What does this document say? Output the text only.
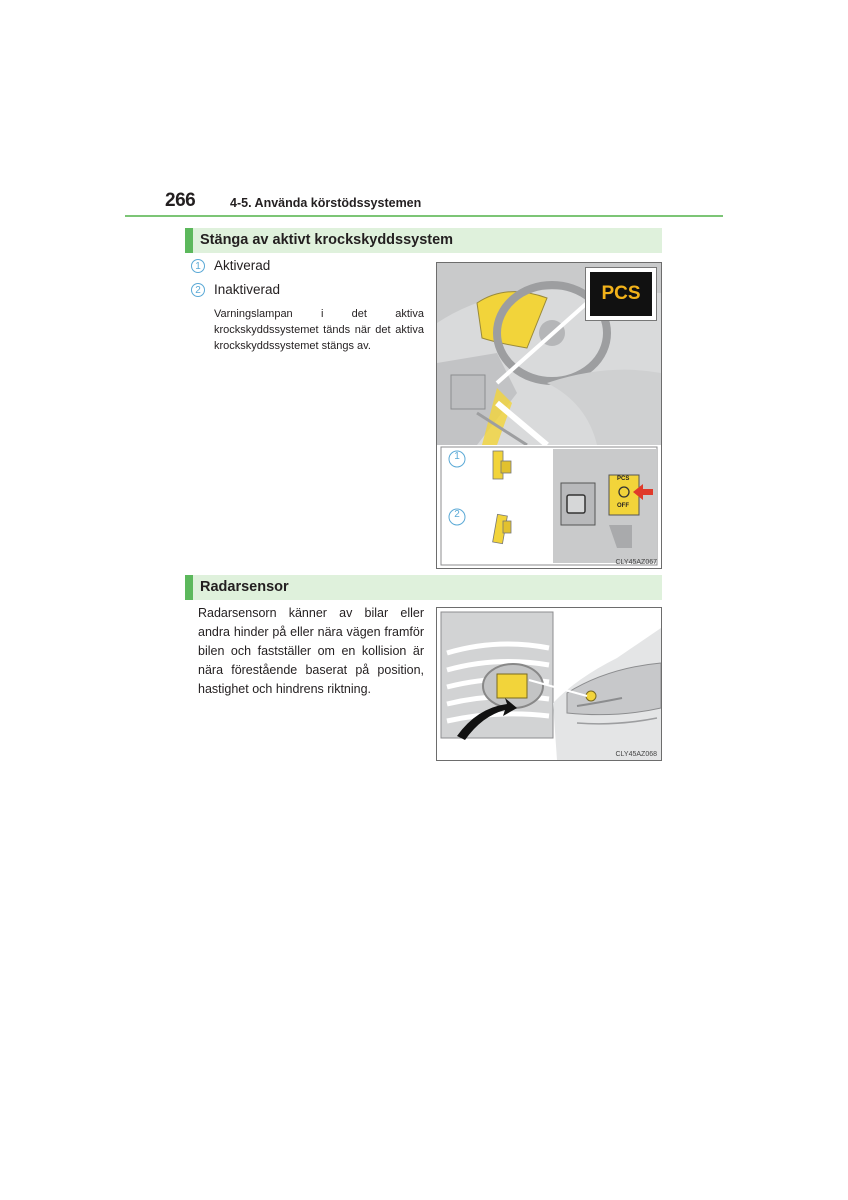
266	4-5. Använda körstödssystemen
Stänga av aktivt krockskyddssystem
1 Aktiverad
2 Inaktiverad
Varningslampan i det aktiva krockskyddssystemet tänds när det aktiva krockskyddssystemet stängs av.
PCS
PCS
OFF
1
2
CLY45AZ067
Radarsensor
Radarsensorn känner av bilar eller andra hinder på eller nära vägen framför bilen och fastställer om en kollision är nära förestående baserat på position, hastighet och hindrens riktning.
CLY45AZ068
